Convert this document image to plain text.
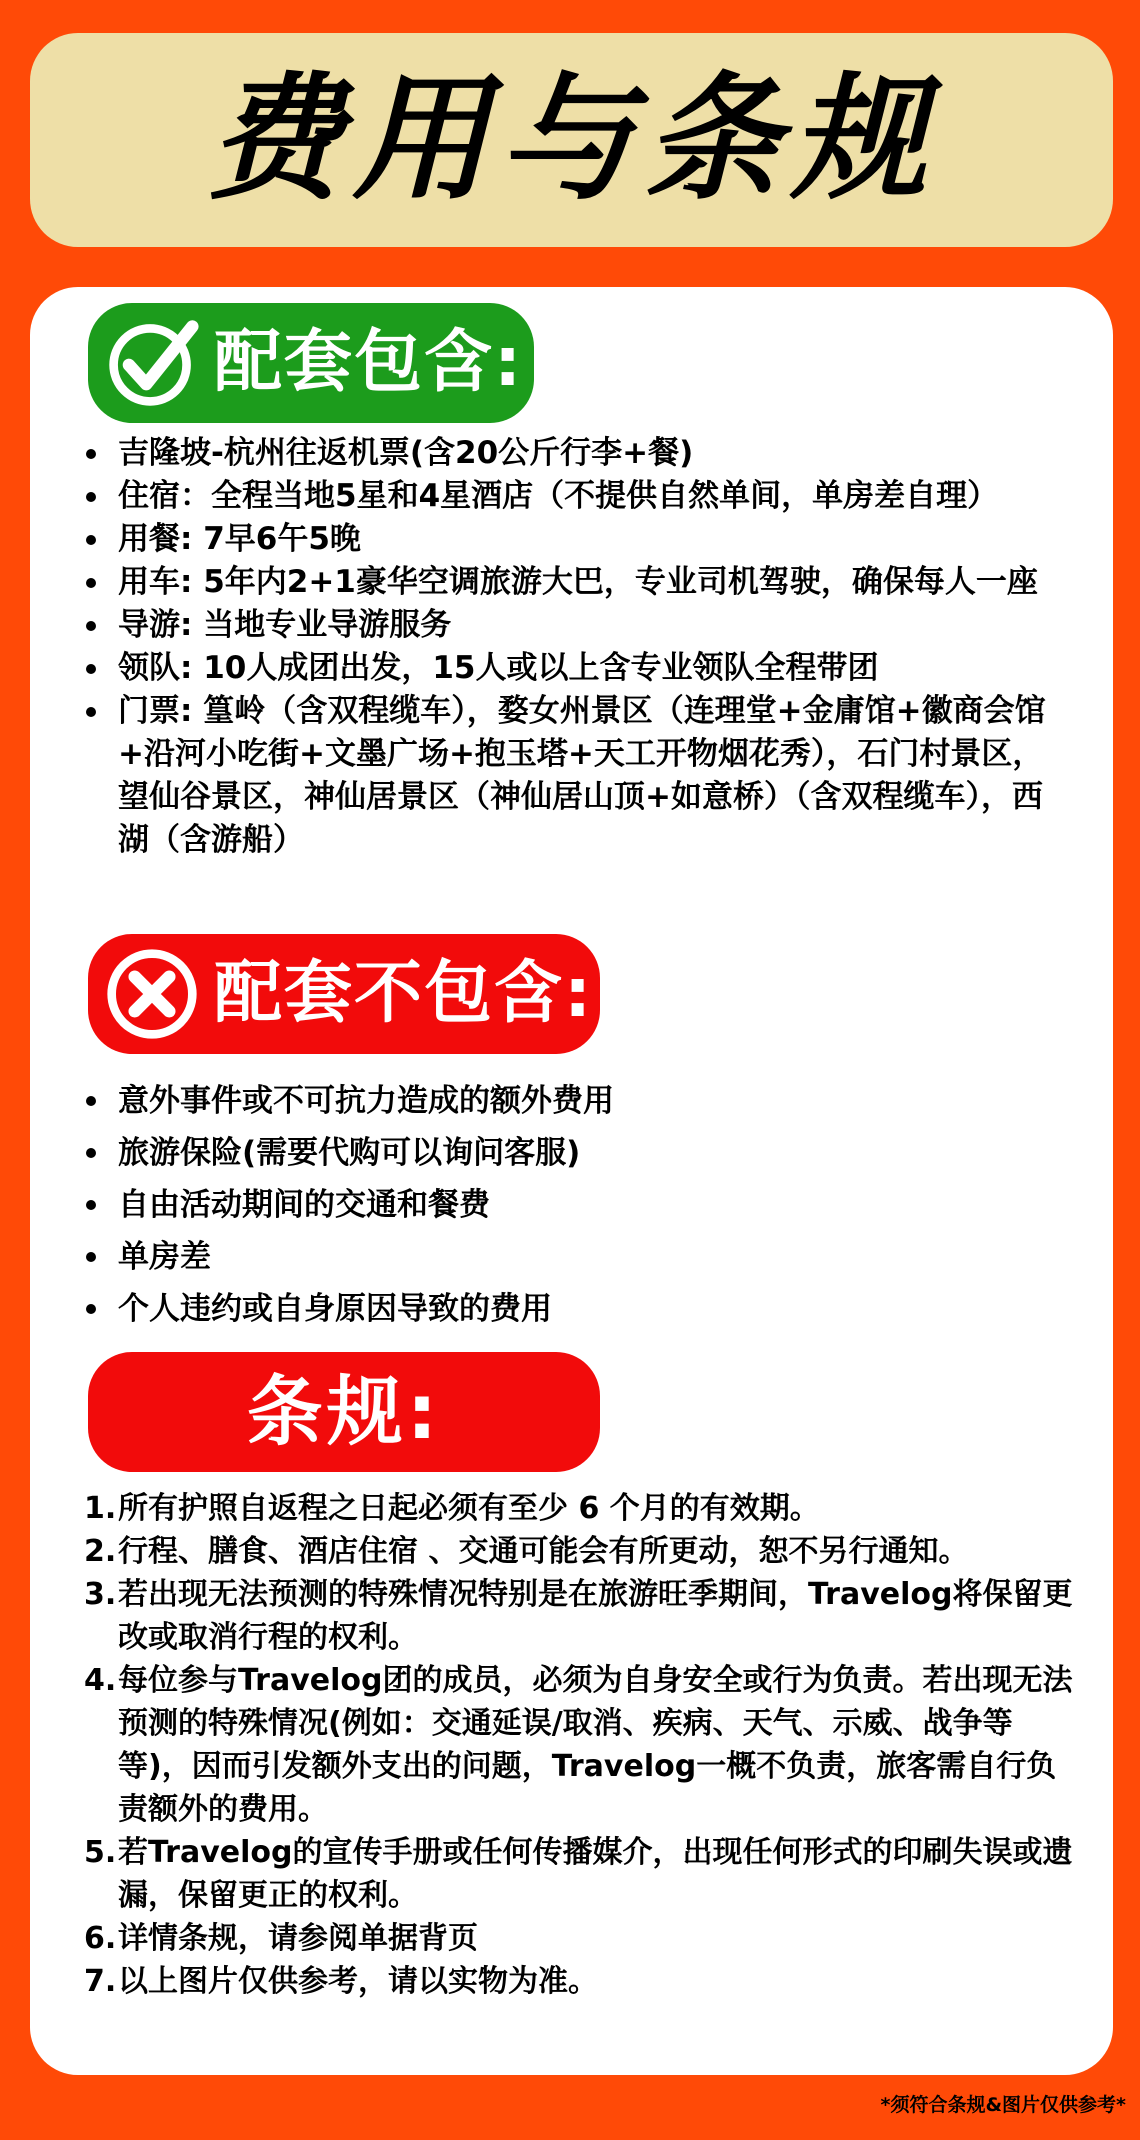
费用与条规
配套包含:
吉隆坡-杭州往返机票(含20公斤行李+餐)
住宿：全程当地5星和4星酒店（不提供自然单间，单房差自理）
用餐: 7早6午5晚
用车: 5年内2+1豪华空调旅游大巴，专业司机驾驶，确保每人一座
导游: 当地专业导游服务
领队: 10人成团出发，15人或以上含专业领队全程带团
门票: 篁岭（含双程缆车），婺女州景区（连理堂+金庸馆+徽商会馆+沿河小吃街+文墨广场+抱玉塔+天工开物烟花秀），石门村景区，望仙谷景区，神仙居景区（神仙居山顶+如意桥）（含双程缆车），西湖（含游船）
配套不包含:
意外事件或不可抗力造成的额外费用
旅游保险(需要代购可以询问客服)
自由活动期间的交通和餐费
单房差
个人违约或自身原因导致的费用
条规:
1. 所有护照自返程之日起必须有至少 6 个月的有效期。
2. 行程、膳食、酒店住宿 、交通可能会有所更动，恕不另行通知。
3. 若出现无法预测的特殊情况特别是在旅游旺季期间，Travelog将保留更改或取消行程的权利。
4. 每位参与Travelog团的成员，必须为自身安全或行为负责。若出现无法预测的特殊情况(例如：交通延误/取消、疾病、天气、示威、战争等等)，因而引发额外支出的问题，Travelog一概不负责，旅客需自行负责额外的费用。
5. 若Travelog的宣传手册或任何传播媒介，出现任何形式的印刷失误或遗漏，保留更正的权利。
6. 详情条规，请参阅单据背页
7. 以上图片仅供参考，请以实物为准。
*须符合条规&图片仅供参考*
